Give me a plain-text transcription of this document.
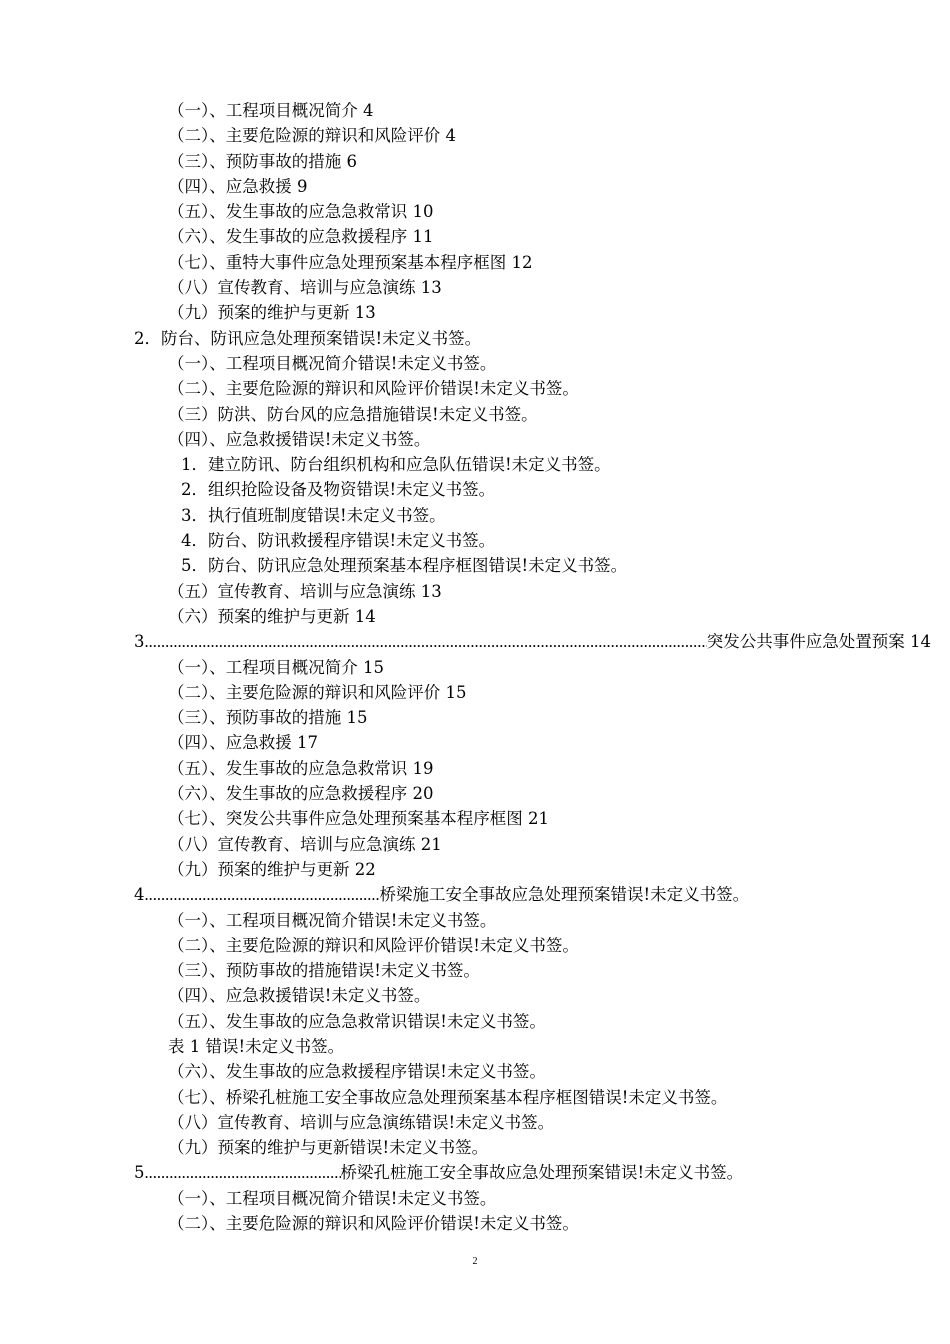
（一）、工程项目概况简介 4
（二）、主要危险源的辩识和风险评价 4
（三）、预防事故的措施 6
（四）、应急救援 9
（五）、发生事故的应急急救常识 10
（六）、发生事故的应急救援程序 11
（七）、重特大事件应急处理预案基本程序框图 12
（八）宣传教育、培训与应急演练 13
（九）预案的维护与更新 13
2．防台、防讯应急处理预案错误!未定义书签。
（一）、工程项目概况简介错误!未定义书签。
（二）、主要危险源的辩识和风险评价错误!未定义书签。
（三）防洪、防台风的应急措施错误!未定义书签。
（四）、应急救援错误!未定义书签。
1．建立防讯、防台组织机构和应急队伍错误!未定义书签。
2．组织抢险设备及物资错误!未定义书签。
3．执行值班制度错误!未定义书签。
4．防台、防讯救援程序错误!未定义书签。
5．防台、防讯应急处理预案基本程序框图错误!未定义书签。
（五）宣传教育、培训与应急演练 13
（六）预案的维护与更新 14
3 .....	突发公共事件应急处置预案 14
（一）、工程项目概况简介 15
（二）、主要危险源的辩识和风险评价 15
（三）、预防事故的措施 15
（四）、应急救援 17
（五）、发生事故的应急急救常识 19
（六）、发生事故的应急救援程序 20
（七）、突发公共事件应急处理预案基本程序框图 21
（八）宣传教育、培训与应急演练 21
（九）预案的维护与更新 22
4 .....	桥梁施工安全事故应急处理预案错误!未定义书签。
（一）、工程项目概况简介错误!未定义书签。
（二）、主要危险源的辩识和风险评价错误!未定义书签。
（三）、预防事故的措施错误!未定义书签。
（四）、应急救援错误!未定义书签。
（五）、发生事故的应急急救常识错误!未定义书签。
表 1 错误!未定义书签。
（六）、发生事故的应急救援程序错误!未定义书签。
（七）、桥梁孔桩施工安全事故应急处理预案基本程序框图错误!未定义书签。
（八）宣传教育、培训与应急演练错误!未定义书签。
（九）预案的维护与更新错误!未定义书签。
5 .....	桥梁孔桩施工安全事故应急处理预案错误!未定义书签。
（一）、工程项目概况简介错误!未定义书签。
（二）、主要危险源的辩识和风险评价错误!未定义书签。
2
